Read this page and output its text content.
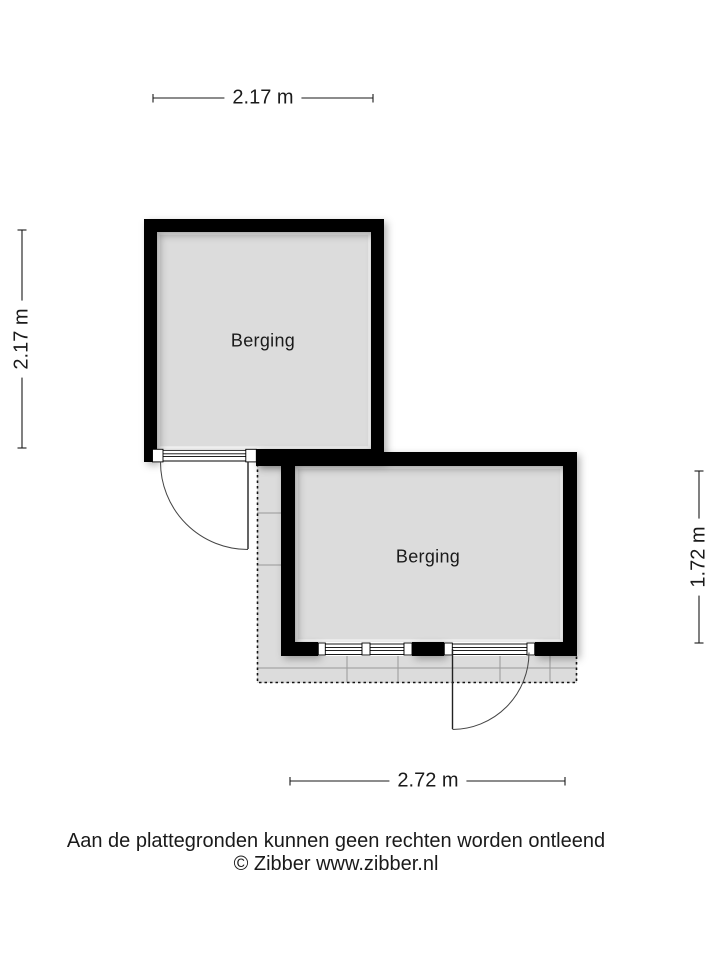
Berging
Berging
2.17 m
2.17 m
1.72 m
2.72 m
Aan de plattegronden kunnen geen rechten worden ontleend
© Zibber www.zibber.nl
